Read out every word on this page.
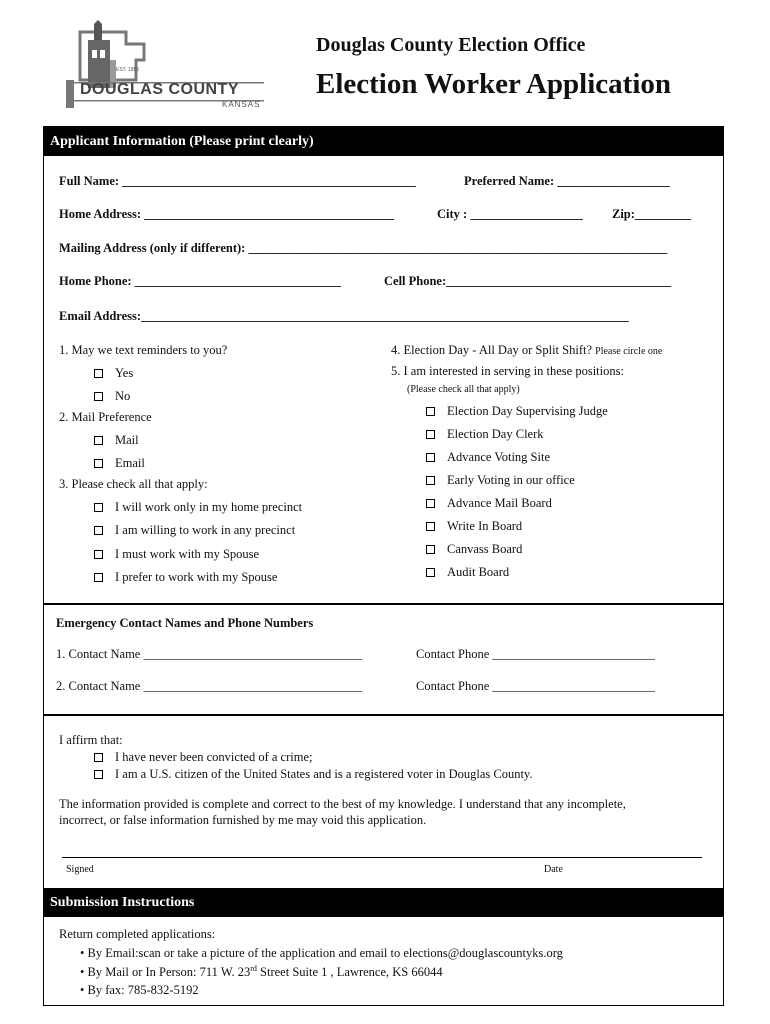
EST. 1855
DOUGLAS COUNTY
KANSAS
Douglas County Election Office
Election Worker Application
Applicant Information (Please print clearly)
Full Name: _______________________________________________	Preferred Name: __________________
Home Address: ________________________________________	City : __________________ Zip:_________
Mailing Address (only if different): ___________________________________________________________________
Home Phone: _________________________________	Cell Phone:____________________________________
Email Address:______________________________________________________________________________
1. May we text reminders to you?
Yes
No
2. Mail Preference
Mail
Email
3. Please check all that apply:
I will work only in my home precinct
I am willing to work in any precinct
I must work with my Spouse
I prefer to work with my Spouse
4. Election Day - All Day or Split Shift? Please circle one
5. I am interested in serving in these positions:
(Please check all that apply)
Election Day Supervising Judge
Election Day Clerk
Advance Voting Site
Early Voting in our office
Advance Mail Board
Write In Board
Canvass Board
Audit Board
Emergency Contact Names and Phone Numbers
1. Contact Name ___________________________________	Contact Phone __________________________
2. Contact Name ___________________________________	Contact Phone __________________________
I affirm that:
I have never been convicted of a crime;
I am a U.S. citizen of the United States and is a registered voter in Douglas County.
The information provided is complete and correct to the best of my knowledge. I understand that any incomplete,
incorrect, or false information furnished by me may void this application.
Signed	Date
Submission Instructions
Return completed applications:
• By Email:scan or take a picture of the application and email to elections@douglascountyks.org
• By Mail or In Person: 711 W. 23rd Street Suite 1 , Lawrence, KS 66044
• By fax: 785-832-5192
